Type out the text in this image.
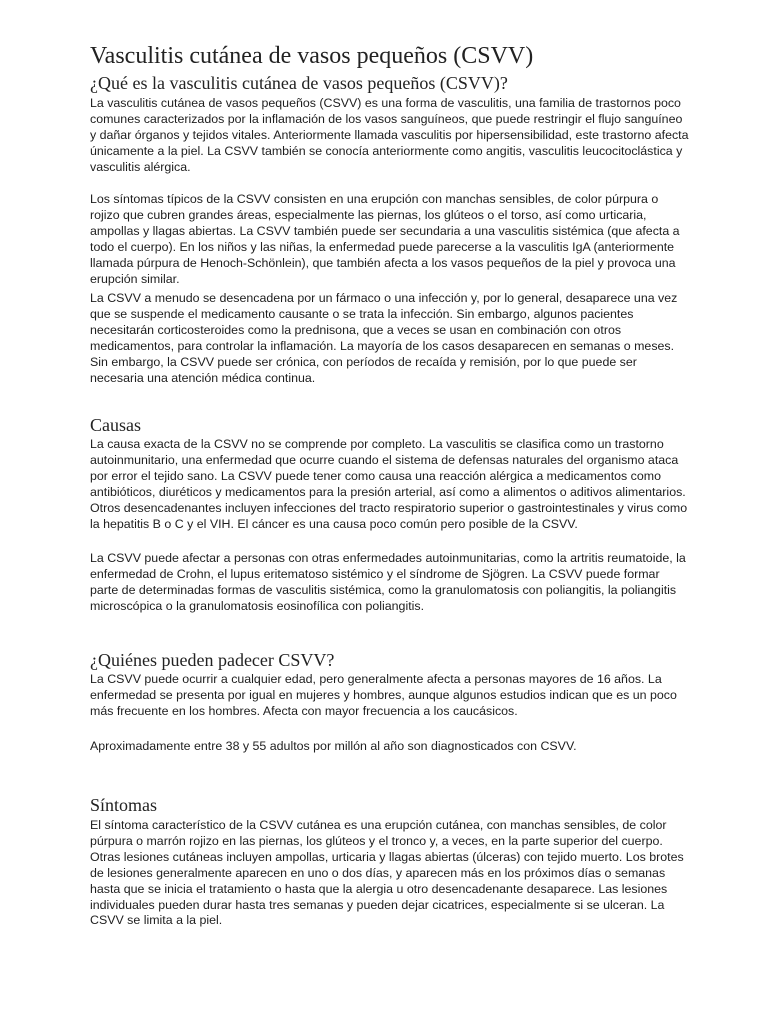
Vasculitis cutánea de vasos pequeños (CSVV)
¿Qué es la vasculitis cutánea de vasos pequeños (CSVV)?

La vasculitis cutánea de vasos pequeños (CSVV) es una forma de vasculitis, una familia de trastornos poco comunes caracterizados por la inflamación de los vasos sanguíneos, que puede restringir el flujo sanguíneo y dañar órganos y tejidos vitales. Anteriormente llamada vasculitis por hipersensibilidad, este trastorno afecta únicamente a la piel. La CSVV también se conocía anteriormente como angitis, vasculitis leucocitoclástica y vasculitis alérgica.

Los síntomas típicos de la CSVV consisten en una erupción con manchas sensibles, de color púrpura o rojizo que cubren grandes áreas, especialmente las piernas, los glúteos o el torso, así como urticaria, ampollas y llagas abiertas. La CSVV también puede ser secundaria a una vasculitis sistémica (que afecta a todo el cuerpo). En los niños y las niñas, la enfermedad puede parecerse a la vasculitis IgA (anteriormente llamada púrpura de Henoch-Schönlein), que también afecta a los vasos pequeños de la piel y provoca una erupción similar.

La CSVV a menudo se desencadena por un fármaco o una infección y, por lo general, desaparece una vez que se suspende el medicamento causante o se trata la infección. Sin embargo, algunos pacientes necesitarán corticosteroides como la prednisona, que a veces se usan en combinación con otros medicamentos, para controlar la inflamación. La mayoría de los casos desaparecen en semanas o meses. Sin embargo, la CSVV puede ser crónica, con períodos de recaída y remisión, por lo que puede ser necesaria una atención médica continua.

Causas

La causa exacta de la CSVV no se comprende por completo. La vasculitis se clasifica como un trastorno autoinmunitario, una enfermedad que ocurre cuando el sistema de defensas naturales del organismo ataca por error el tejido sano. La CSVV puede tener como causa una reacción alérgica a medicamentos como antibióticos, diuréticos y medicamentos para la presión arterial, así como a alimentos o aditivos alimentarios. Otros desencadenantes incluyen infecciones del tracto respiratorio superior o gastrointestinales y virus como la hepatitis B o C y el VIH. El cáncer es una causa poco común pero posible de la CSVV.

La CSVV puede afectar a personas con otras enfermedades autoinmunitarias, como la artritis reumatoide, la enfermedad de Crohn, el lupus eritematoso sistémico y el síndrome de Sjögren. La CSVV puede formar parte de determinadas formas de vasculitis sistémica, como la granulomatosis con poliangitis, la poliangitis microscópica o la granulomatosis eosinofílica con poliangitis.

¿Quiénes pueden padecer CSVV?

La CSVV puede ocurrir a cualquier edad, pero generalmente afecta a personas mayores de 16 años. La enfermedad se presenta por igual en mujeres y hombres, aunque algunos estudios indican que es un poco más frecuente en los hombres. Afecta con mayor frecuencia a los caucásicos.

Aproximadamente entre 38 y 55 adultos por millón al año son diagnosticados con CSVV.

Síntomas

El síntoma característico de la CSVV cutánea es una erupción cutánea, con manchas sensibles, de color púrpura o marrón rojizo en las piernas, los glúteos y el tronco y, a veces, en la parte superior del cuerpo. Otras lesiones cutáneas incluyen ampollas, urticaria y llagas abiertas (úlceras) con tejido muerto. Los brotes de lesiones generalmente aparecen en uno o dos días, y aparecen más en los próximos días o semanas hasta que se inicia el tratamiento o hasta que la alergia u otro desencadenante desaparece. Las lesiones individuales pueden durar hasta tres semanas y pueden dejar cicatrices, especialmente si se ulceran. La CSVV se limita a la piel.
